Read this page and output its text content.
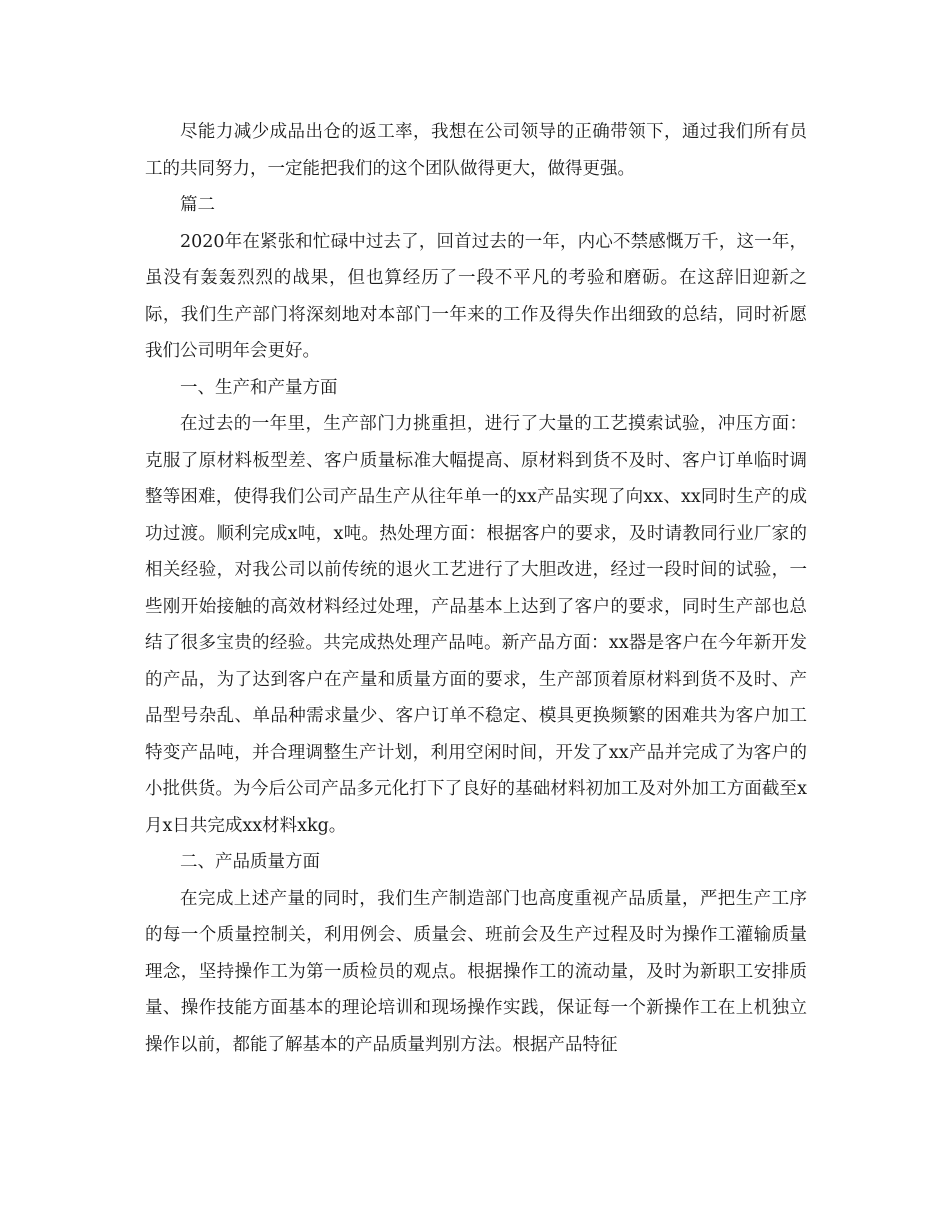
尽能力减少成品出仓的返工率，我想在公司领导的正确带领下，通过我们所有员工的共同努力，一定能把我们的这个团队做得更大，做得更强。

篇二

2020年在紧张和忙碌中过去了，回首过去的一年，内心不禁感慨万千，这一年，虽没有轰轰烈烈的战果，但也算经历了一段不平凡的考验和磨砺。在这辞旧迎新之际，我们生产部门将深刻地对本部门一年来的工作及得失作出细致的总结，同时祈愿我们公司明年会更好。

一、生产和产量方面

在过去的一年里，生产部门力挑重担，进行了大量的工艺摸索试验，冲压方面：克服了原材料板型差、客户质量标准大幅提高、原材料到货不及时、客户订单临时调整等困难，使得我们公司产品生产从往年单一的xx产品实现了向xx、xx同时生产的成功过渡。顺利完成x吨，x吨。热处理方面：根据客户的要求，及时请教同行业厂家的相关经验，对我公司以前传统的退火工艺进行了大胆改进，经过一段时间的试验，一些刚开始接触的高效材料经过处理，产品基本上达到了客户的要求，同时生产部也总结了很多宝贵的经验。共完成热处理产品吨。新产品方面：xx器是客户在今年新开发的产品，为了达到客户在产量和质量方面的要求，生产部顶着原材料到货不及时、产品型号杂乱、单品种需求量少、客户订单不稳定、模具更换频繁的困难共为客户加工特变产品吨，并合理调整生产计划，利用空闲时间，开发了xx产品并完成了为客户的小批供货。为今后公司产品多元化打下了良好的基础材料初加工及对外加工方面截至x月x日共完成xx材料xkg。

二、产品质量方面

在完成上述产量的同时，我们生产制造部门也高度重视产品质量，严把生产工序的每一个质量控制关，利用例会、质量会、班前会及生产过程及时为操作工灌输质量理念，坚持操作工为第一质检员的观点。根据操作工的流动量，及时为新职工安排质量、操作技能方面基本的理论培训和现场操作实践，保证每一个新操作工在上机独立操作以前，都能了解基本的产品质量判别方法。根据产品特征
